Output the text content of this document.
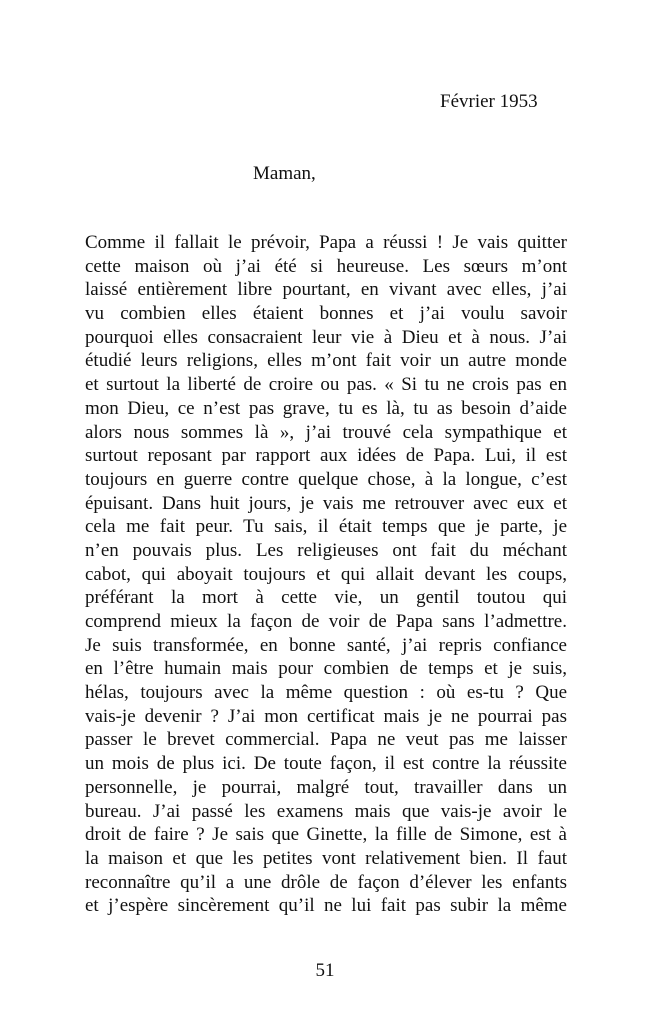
Février 1953
Maman,
Comme il fallait le prévoir, Papa a réussi ! Je vais quitter
cette maison où j’ai été si heureuse. Les sœurs m’ont
laissé entièrement libre pourtant, en vivant avec elles, j’ai
vu combien elles étaient bonnes et j’ai voulu savoir
pourquoi elles consacraient leur vie à Dieu et à nous. J’ai
étudié leurs religions, elles m’ont fait voir un autre monde
et surtout la liberté de croire ou pas. « Si tu ne crois pas en
mon Dieu, ce n’est pas grave, tu es là, tu as besoin d’aide
alors nous sommes là », j’ai trouvé cela sympathique et
surtout reposant par rapport aux idées de Papa. Lui, il est
toujours en guerre contre quelque chose, à la longue, c’est
épuisant. Dans huit jours, je vais me retrouver avec eux et
cela me fait peur. Tu sais, il était temps que je parte, je
n’en pouvais plus. Les religieuses ont fait du méchant
cabot, qui aboyait toujours et qui allait devant les coups,
préférant la mort à cette vie, un gentil toutou qui
comprend mieux la façon de voir de Papa sans l’admettre.
Je suis transformée, en bonne santé, j’ai repris confiance
en l’être humain mais pour combien de temps et je suis,
hélas, toujours avec la même question : où es-tu ? Que
vais-je devenir ? J’ai mon certificat mais je ne pourrai pas
passer le brevet commercial. Papa ne veut pas me laisser
un mois de plus ici. De toute façon, il est contre la réussite
personnelle, je pourrai, malgré tout, travailler dans un
bureau. J’ai passé les examens mais que vais-je avoir le
droit de faire ? Je sais que Ginette, la fille de Simone, est à
la maison et que les petites vont relativement bien. Il faut
reconnaître qu’il a une drôle de façon d’élever les enfants
et j’espère sincèrement qu’il ne lui fait pas subir la même
51
